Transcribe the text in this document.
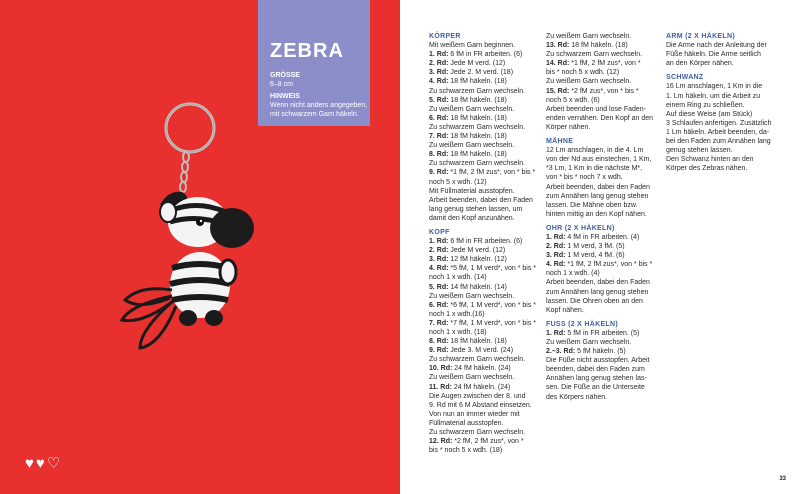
ZEBRA
GRÖSSE
6–8 cm
HINWEIS
Wenn nicht anders angegeben, mit schwarzem Garn häkeln.
♥ ♥ ♡
KÖRPER
Mit weißem Garn beginnen.
1. Rd: 6 fM in FR arbeiten. (6)
2. Rd: Jede M verd. (12)
3. Rd: Jede 2. M verd. (18)
4. Rd: 18 fM häkeln. (18)
Zu schwarzem Garn wechseln.
5. Rd: 18 fM häkeln. (18)
Zu weißem Garn wechseln.
6. Rd: 18 fM häkeln. (18)
Zu schwarzem Garn wechseln.
7. Rd: 18 fM häkeln. (18)
Zu weißem Garn wechseln.
8. Rd: 18 fM häkeln. (18)
Zu schwarzem Garn wechseln.
9. Rd: *1 fM, 2 fM zus*, von * bis *
noch 5 x wdh. (12)
Mit Füllmaterial ausstopfen.
Arbeit beenden, dabei den Faden
lang genug stehen lassen, um
damit den Kopf anzunähen.
KOPF
1. Rd: 6 fM in FR arbeiten. (6)
2. Rd: Jede M verd. (12)
3. Rd: 12 fM häkeln. (12)
4. Rd: *5 fM, 1 M verd*, von * bis *
noch 1 x wdh. (14)
5. Rd: 14 fM häkeln. (14)
Zu weißem Garn wechseln.
6. Rd: *6 fM, 1 M verd*, von * bis *
noch 1 x wdh.(16)
7. Rd: *7 fM, 1 M verd*, von * bis *
noch 1 x wdh. (18)
8. Rd: 18 fM häkeln. (18)
9. Rd: Jede 3. M verd. (24)
Zu schwarzem Garn wechseln.
10. Rd: 24 fM häkeln. (24)
Zu weißem Garn wechseln.
11. Rd: 24 fM häkeln. (24)
Die Augen zwischen der 8. und
9. Rd mit 6 M Abstand einsetzen.
Von nun an immer wieder mit
Füllmaterial ausstopfen.
Zu schwarzem Garn wechseln.
12. Rd: *2 fM, 2 fM zus*, von *
bis * noch 5 x wdh. (18)
Zu weißem Garn wechseln.
13. Rd: 18 fM häkeln. (18)
Zu schwarzem Garn wechseln.
14. Rd: *1 fM, 2 fM zus*, von *
bis * noch 5 x wdh. (12)
Zu weißem Garn wechseln.
15. Rd: *2 fM zus*, von * bis *
noch 5 x wdh. (6)
Arbeit beenden und lose Faden-
enden vernähen. Den Kopf an den
Körper nähen.
MÄHNE
12 Lm anschlagen, in die 4. Lm
von der Nd aus einstechen, 1 Km,
*3 Lm, 1 Km in die nächste M*,
von * bis * noch 7 x wdh.
Arbeit beenden, dabei den Faden
zum Annähen lang genug stehen
lassen. Die Mähne oben bzw.
hinten mittig an den Kopf nähen.
OHR (2 X HÄKELN)
1. Rd: 4 fM in FR arbeiten. (4)
2. Rd: 1 M verd, 3 fM. (5)
3. Rd: 1 M verd, 4 fM. (6)
4. Rd: *1 fM, 2 fM zus*, von * bis *
noch 1 x wdh. (4)
Arbeit beenden, dabei den Faden
zum Annähen lang genug stehen
lassen. Die Ohren oben an den
Kopf nähen.
FUSS (2 X HÄKELN)
1. Rd: 5 fM in FR arbeiten. (5)
Zu weißem Garn wechseln.
2.–3. Rd: 5 fM häkeln. (5)
Die Füße nicht ausstopfen. Arbeit
beenden, dabei den Faden zum
Annähen lang genug stehen las-
sen. Die Füße an die Unterseite
des Körpers nähen.
ARM (2 X HÄKELN)
Die Arme nach der Anleitung der
Füße häkeln. Die Arme seitlich
an den Körper nähen.
SCHWANZ
16 Lm anschlagen, 1 Km in die
1. Lm häkeln, um die Arbeit zu
einem Ring zu schließen.
Auf diese Weise (am Stück)
3 Schlaufen anfertigen. Zusätzlich
1 Lm häkeln. Arbeit beenden, da-
bei den Faden zum Annähen lang
genug stehen lassen.
Den Schwanz hinten an den
Körper des Zebras nähen.
33
